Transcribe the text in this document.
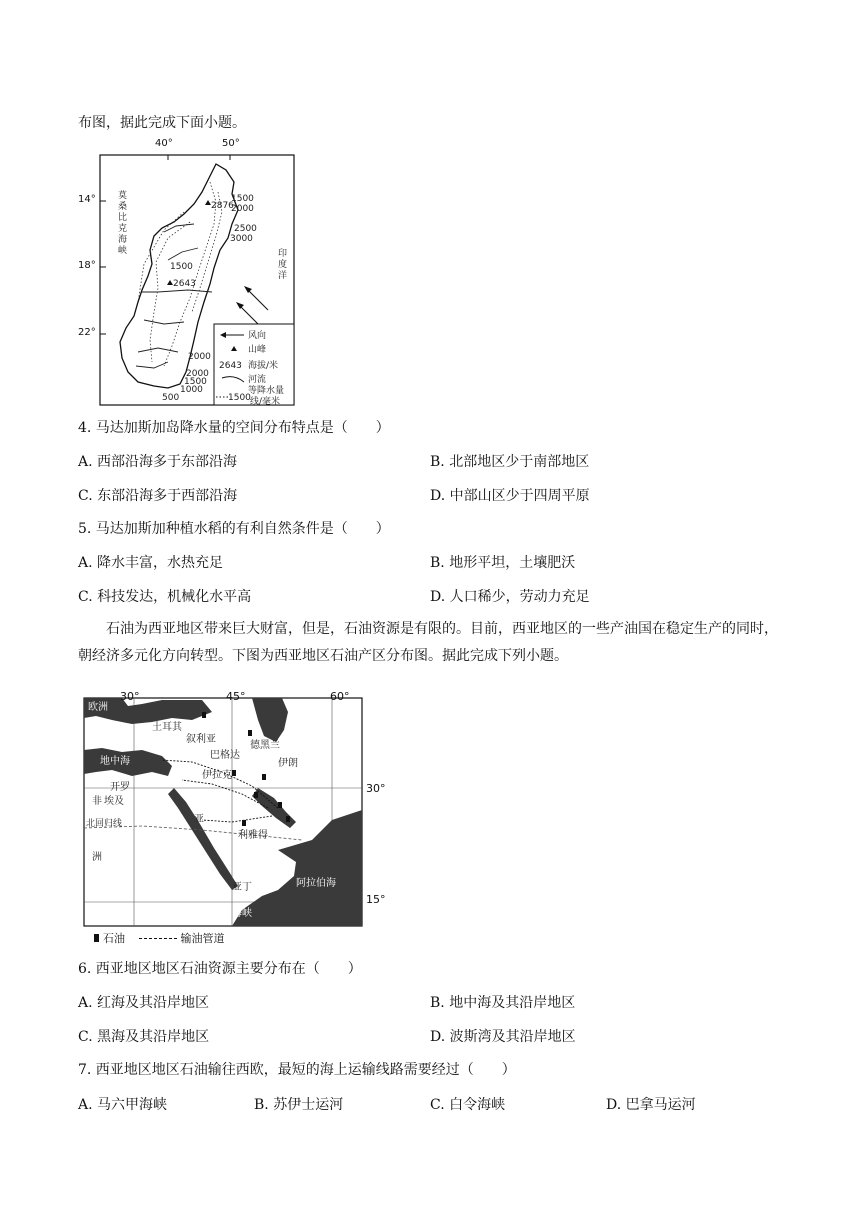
布图，据此完成下面小题。
2876
2643
1500
2000
2500
3000
1500
2000
2000
1500
1000
500
莫
桑
比
克
海
峡	印
度
洋
风向
山峰
2643 海拔/米
河流
等降水量
1500 线/毫米
40°	50°
14°
18°
22°
4. 马达加斯加岛降水量的空间分布特点是（　　）
A. 西部沿海多于东部沿海	B. 北部地区少于南部地区
C. 东部沿海多于西部沿海	D. 中部山区少于四周平原
5. 马达加斯加种植水稻的有利自然条件是（　　）
A. 降水丰富，水热充足	B. 地形平坦，土壤肥沃
C. 科技发达，机械化水平高	D. 人口稀少，劳动力充足
石油为西亚地区带来巨大财富，但是，石油资源是有限的。目前，西亚地区的一些产油国在稳定生产的同时，朝经济多元化方向转型。下图为西亚地区石油产区分布图。据此完成下列小题。
欧洲
土耳其
叙利亚
巴格达
伊朗
德黑兰
地中海
开罗
埃及
非
洲
亚
利雅得
亚丁	阿拉伯海
曼德海峡
北回归线
伊拉克
30°	45°	60°
30°
15°
石油	输油管道
6. 西亚地区地区石油资源主要分布在（　　）
A. 红海及其沿岸地区	B. 地中海及其沿岸地区
C. 黑海及其沿岸地区	D. 波斯湾及其沿岸地区
7. 西亚地区地区石油输往西欧，最短的海上运输线路需要经过（　　）
A. 马六甲海峡	B. 苏伊士运河	C. 白令海峡	D. 巴拿马运河
